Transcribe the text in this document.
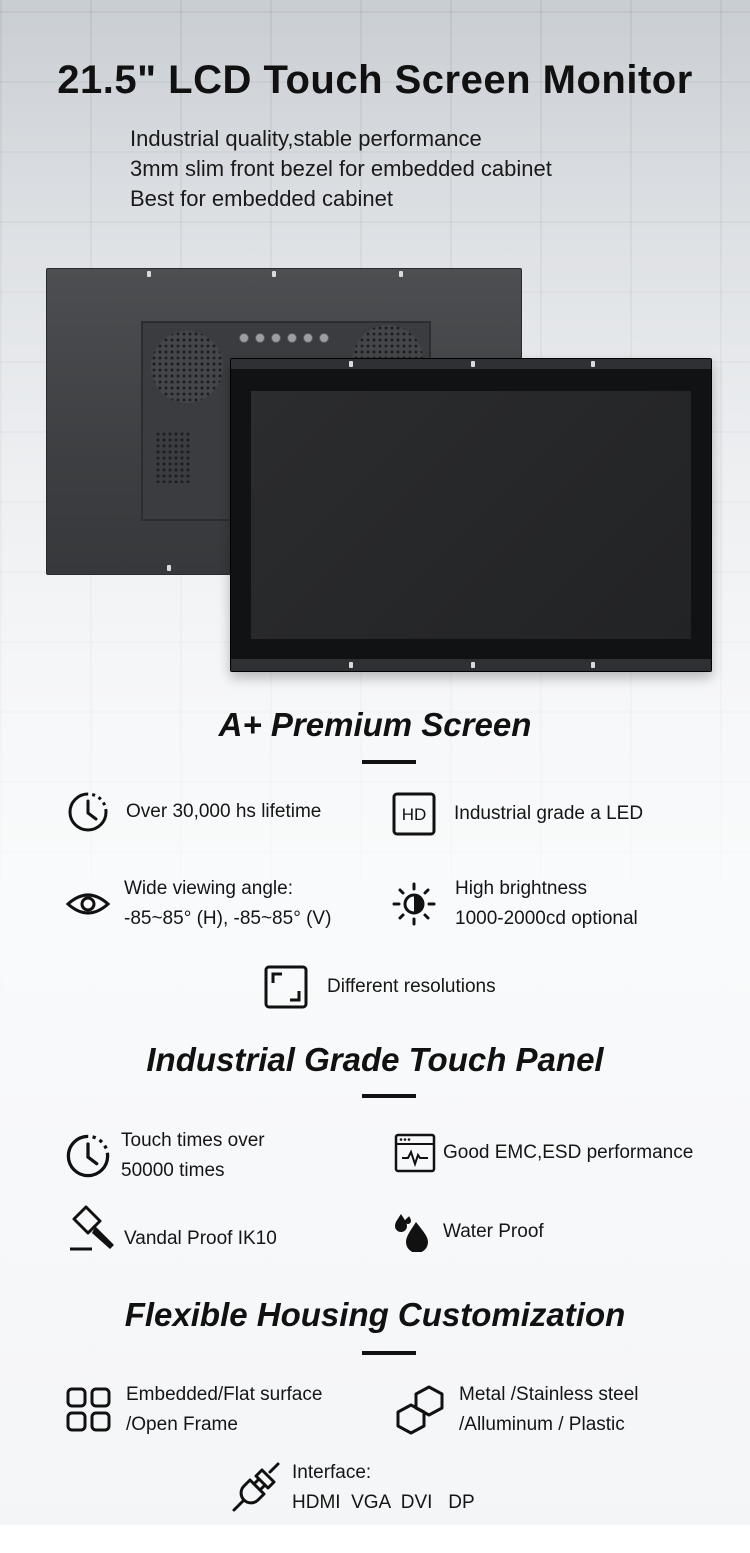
21.5" LCD Touch Screen Monitor
Industrial quality,stable performance
3mm slim front bezel for embedded cabinet
Best for embedded cabinet
A+ Premium Screen
Over 30,000 hs lifetime	HD Industrial grade a LED
Wide viewing angle:
-85~85° (H), -85~85° (V)
High brightness
1000-2000cd optional
Different resolutions
Industrial Grade Touch Panel
Touch times over
50000 times
Good EMC,ESD performance
Vandal Proof IK10	Water Proof
Flexible Housing Customization
Embedded/Flat surface
/Open Frame
Metal /Stainless steel
/Alluminum / Plastic
Interface:
HDMI  VGA  DVI   DP
